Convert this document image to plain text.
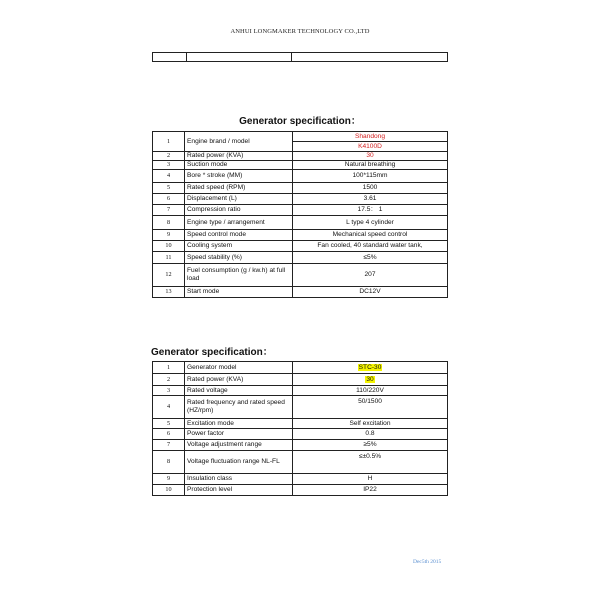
ANHUI LONGMAKER TECHNOLOGY CO.,LTD

Generator specification：
1	Engine brand / model	Shandong
		K4100D
2	Rated power (KVA)	30
3	Suction mode	Natural breathing
4	Bore * stroke (MM)	100*115mm
5	Rated speed (RPM)	1500
6	Displacement (L)	3.61
7	Compression ratio	17.5： 1
8	Engine type / arrangement	L type 4 cylinder
9	Speed control mode	Mechanical speed control
10	Cooling system	Fan cooled, 40 standard water tank,
11	Speed stability (%)	≤5%
12	Fuel consumption (g / kw.h) at full load	207
13	Start mode	DC12V
Generator specification：
1	Generator model	STC-30
2	Rated power (KVA)	30
3	Rated voltage	110/220V
4	Rated frequency and rated speed (HZ/rpm)	50/1500
5	Excitation mode	Self excitation
6	Power factor	0.8
7	Voltage adjustment range	≥5%
8	Voltage fluctuation range NL-FL	≤±0.5%
9	Insulation class	H
10	Protection level	IP22
Dec5th 2015
